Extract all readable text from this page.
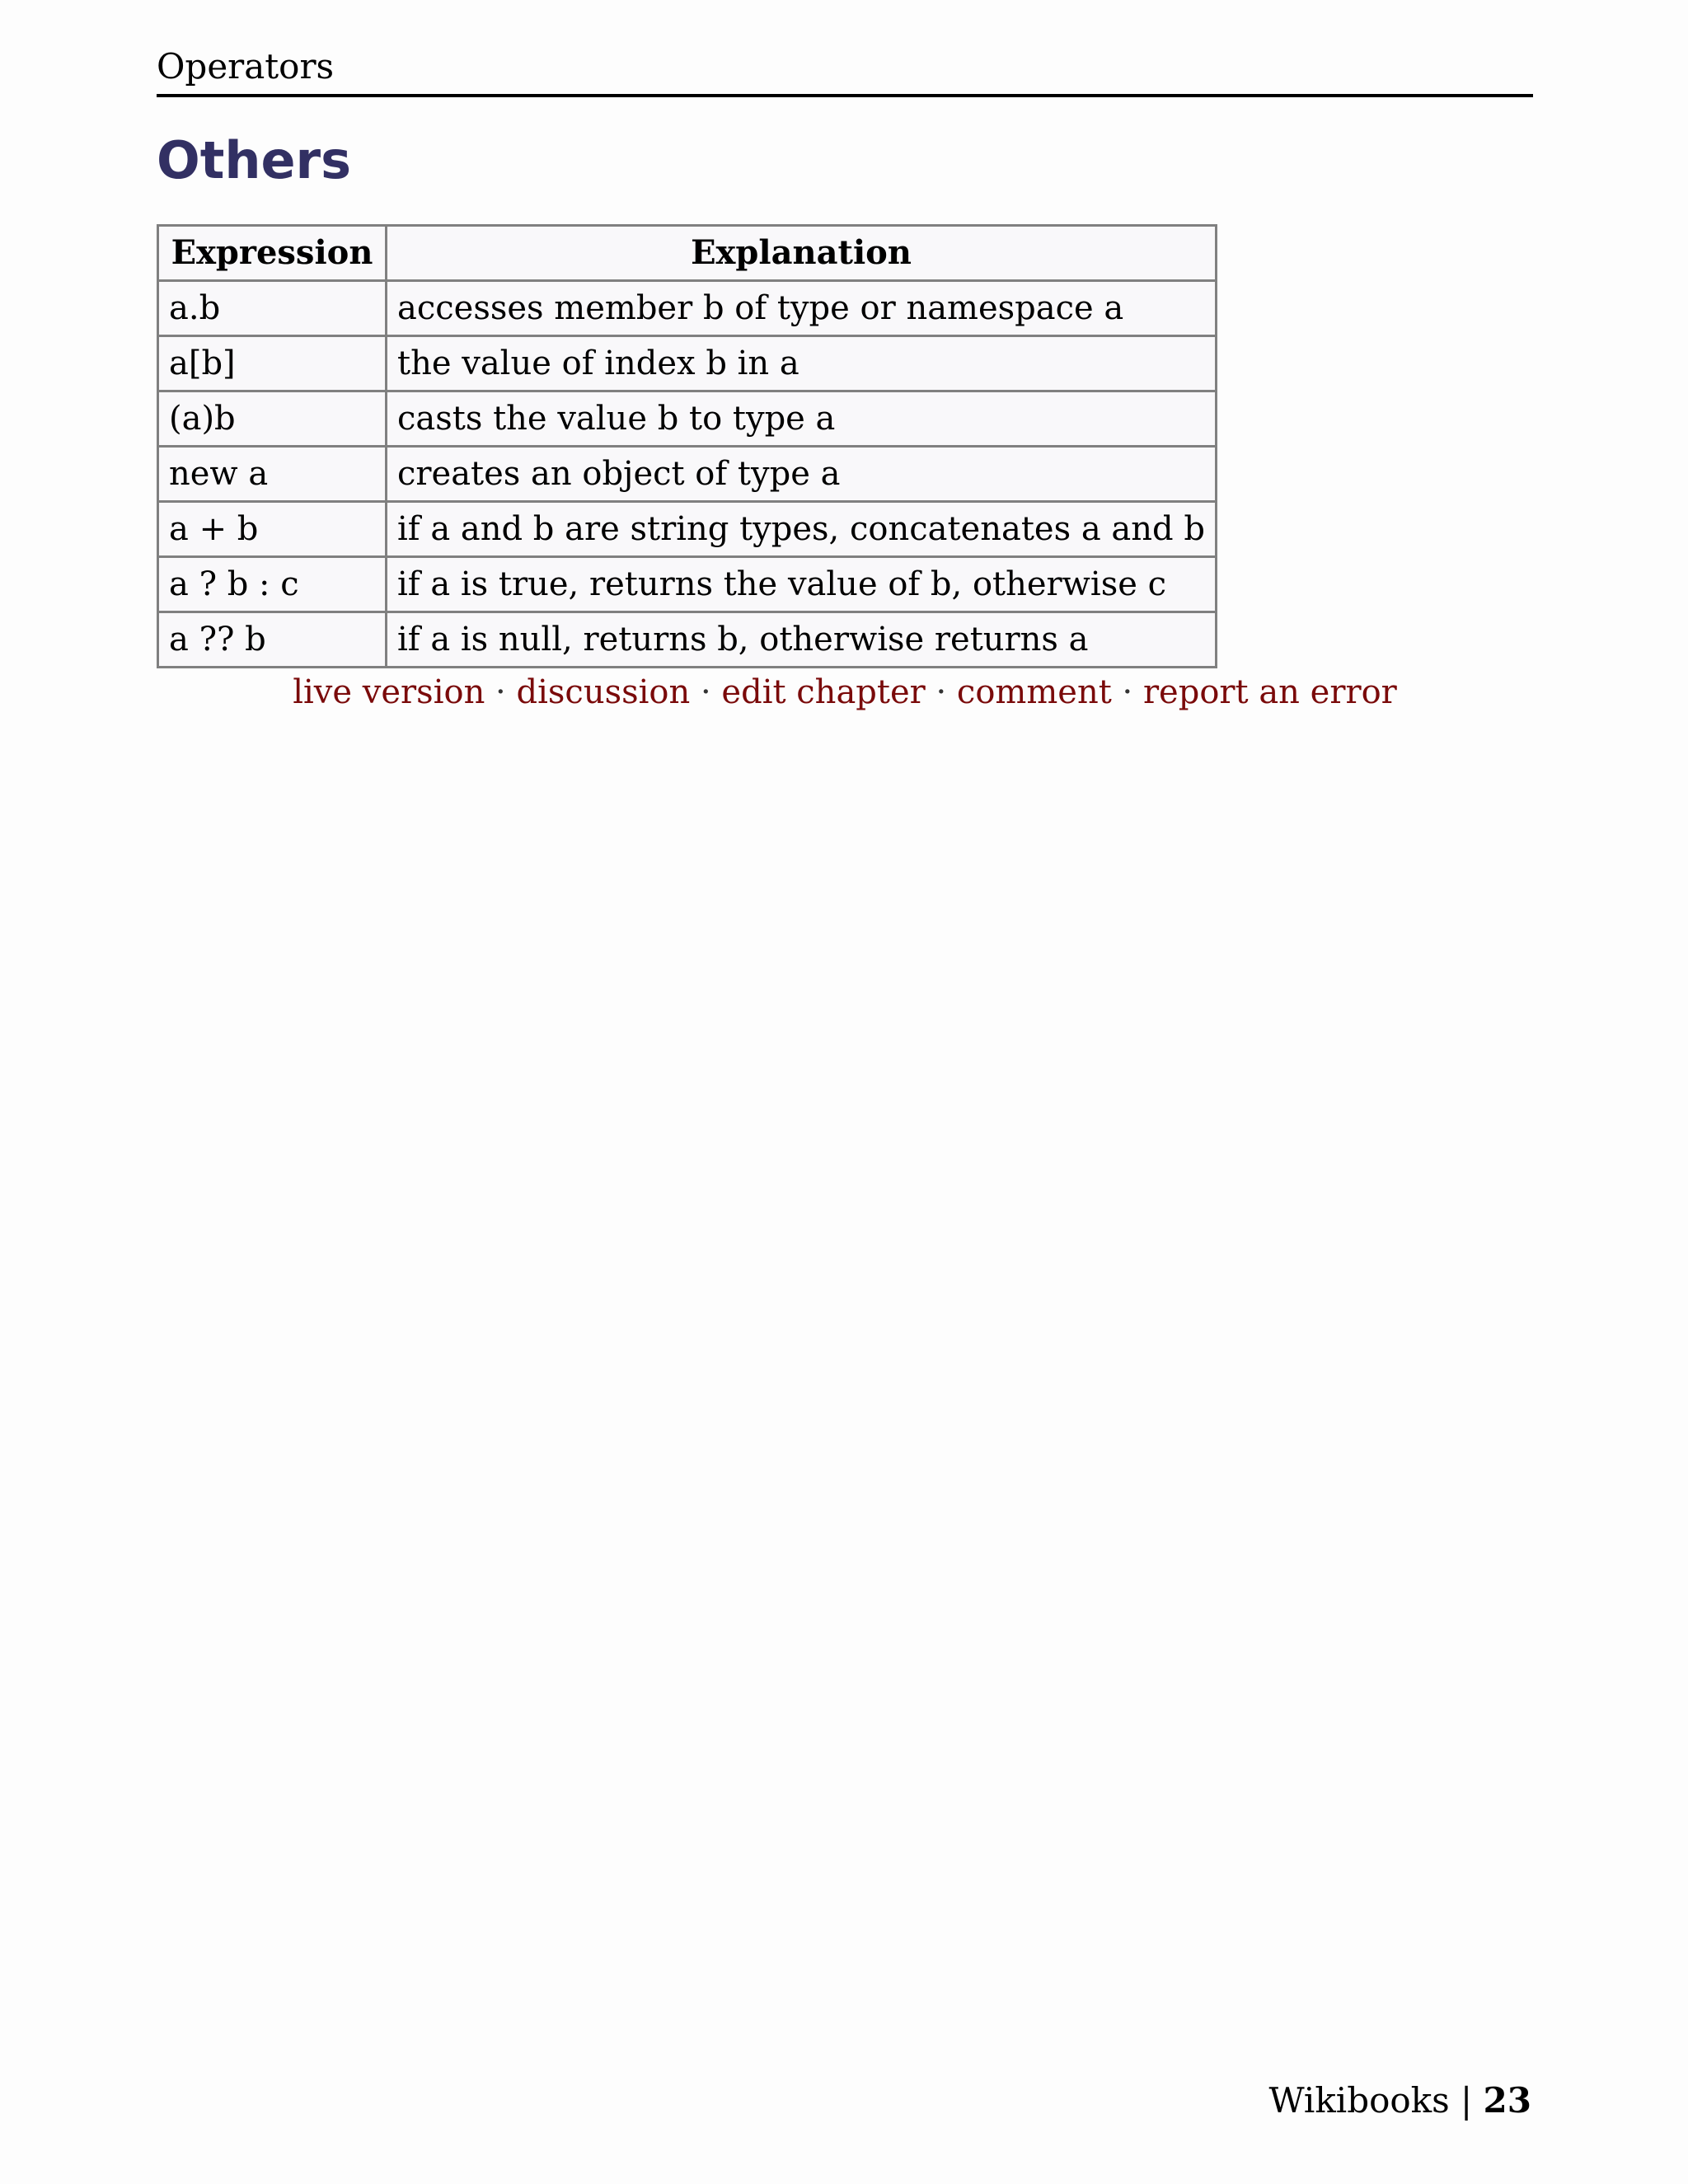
Operators
Others
Expression	Explanation
a.b	accesses member b of type or namespace a
a[b]	the value of index b in a
(a)b	casts the value b to type a
new a	creates an object of type a
a + b	if a and b are string types, concatenates a and b
a ? b : c	if a is true, returns the value of b, otherwise c
a ?? b	if a is null, returns b, otherwise returns a
live version · discussion · edit chapter · comment · report an error
Wikibooks | 23
